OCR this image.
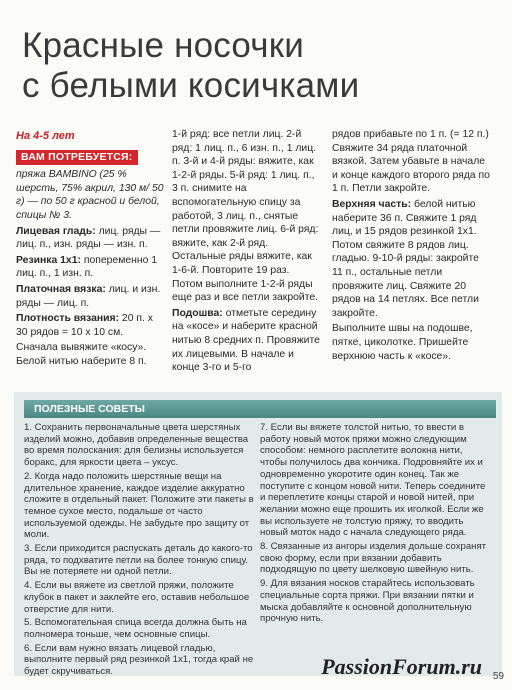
Красные носочки
с белыми косичками

На 4-5 лет

ВАМ ПОТРЕБУЕТСЯ:

пряжа BAMBINO (25 % шерсть, 75% акрил, 130 м/ 50 г) — по 50 г красной и белой, спицы № 3.

Лицевая гладь: лиц. ряды — лиц. п., изн. ряды — изн. п.

Резинка 1х1: попеременно 1 лиц. п., 1 изн. п.

Платочная вязка: лиц. и изн. ряды — лиц. п.

Плотность вязания: 20 п. х 30 рядов = 10 х 10 см.

Сначала вывяжите «косу». Белой нитью наберите 8 п.

1-й ряд: все петли лиц. 2-й ряд: 1 лиц. п., 6 изн. п., 1 лиц. п. 3-й и 4-й ряды: вяжите, как 1-2-й ряды. 5-й ряд: 1 лиц. п., 3 п. снимите на вспомогательную спицу за работой, 3 лиц. п., снятые петли провяжите лиц. 6-й ряд: вяжите, как 2-й ряд. Остальные ряды вяжите, как 1-6-й. Повторите 19 раз. Потом выполните 1-2-й ряды еще раз и все петли закройте.

Подошва: отметьте середину на «косе» и наберите красной нитью 8 средних п. Провяжите их лицевыми. В начале и конце 3-го и 5-го

рядов прибавьте по 1 п. (= 12 п.) Свяжите 34 ряда платочной вязкой. Затем убавьте в начале и конце каждого второго ряда по 1 п. Петли закройте.

Верхняя часть: белой нитью наберите 36 п. Свяжите 1 ряд лиц, и 15 рядов резинкой 1х1. Потом свяжите 8 рядов лиц. гладью. 9-10-й ряды: закройте 11 п., остальные петли провяжите лиц. Свяжите 20 рядов на 14 петлях. Все петли закройте.

Выполните швы на подошве, пятке, циколотке. Пришейте верхнюю часть к «косе».

ПОЛЕЗНЫЕ СОВЕТЫ

1. Сохранить первоначальные цвета шерстяных изделий можно, добавив определенные вещества во время полоскания: для белизны используется боракс, для яркости цвета – уксус.

2. Когда надо положить шерстяные вещи на длительное хранение, каждое изделие аккуратно сложите в отдельный пакет. Положите эти пакеты в темное сухое место, подальше от часто используемой одежды. Не забудьте про защиту от моли.

3. Если приходится распускать деталь до какого-то ряда, то подхватите петли на более тонкую спицу. Вы не потеряете ни одной петли.

4. Если вы вяжете из светлой пряжи, положите клубок в пакет и заклейте его, оставив небольшое отверстие для нити.

5. Вспомогательная спица всегда должна быть на полномера тоньше, чем основные спицы.

6. Если вам нужно вязать лицевой гладью, выполните первый ряд резинкой 1х1, тогда край не будет скручиваться.

7. Если вы вяжете толстой нитью, то ввести в работу новый моток пряжи можно следующим способом: немного расплетите волокна нити, чтобы получилось два кончика. Подровняйте их и одновременно укоротите один конец. Так же поступите с концом новой нити. Теперь соедините и переплетите концы старой и новой нитей, при желании можно еще прошить их иголкой. Если же вы используете не толстую пряжу, то вводить новый моток надо с начала следующего ряда.

8. Связанные из ангоры изделия дольше сохранят свою форму, если при вязании добавить подходящую по цвету шелковую швейную нить.

9. Для вязания носков старайтесь использовать специальные сорта пряжи. При вязании пятки и мыска добавляйте к основной дополнительную прочную нить.

PassionForum.ru 59
